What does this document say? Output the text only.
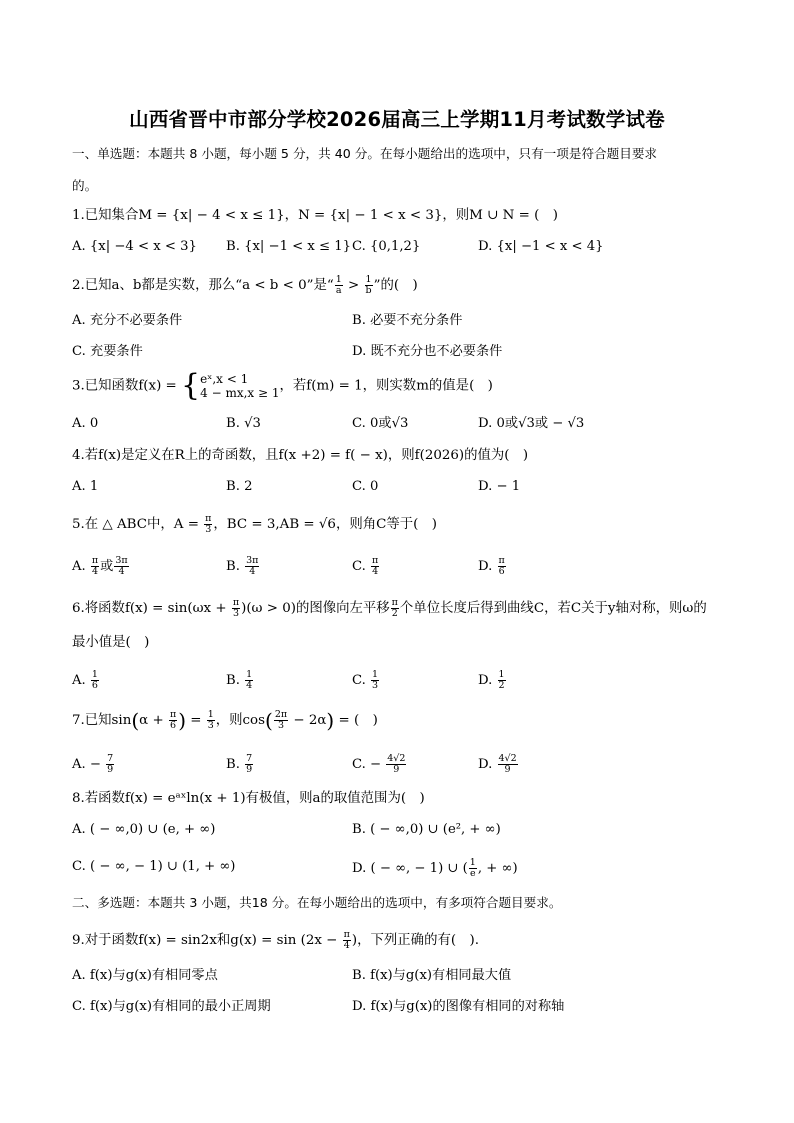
山西省晋中市部分学校2026届高三上学期11月考试数学试卷
一、单选题：本题共 8 小题，每小题 5 分，共 40 分。在每小题给出的选项中，只有一项是符合题目要求
的。
1.已知集合M = {x| − 4 < x ≤ 1}，N = {x| − 1 < x < 3}，则M ∪ N = (　)
A. {x| −4 < x < 3} B. {x| −1 < x ≤ 1} C. {0,1,2}	D. {x| −1 < x < 4}
2.已知a、b都是实数，那么“a < b < 0”是“ $\frac{1}{a} > \frac{1}{b}$ ”的(　)
A. 充分不必要条件	B. 必要不充分条件
C. 充要条件	D. 既不充分也不必要条件
3.已知函数f(x) = { eˣ,x < 1
4 − mx,x ≥ 1 ，若f(m) = 1，则实数m的值是(　)
A. 0	B. √3	C. 0或√3	D. 0或√3或 − √3
4.若f(x)是定义在R上的奇函数，且f(x +2) = f( − x)，则f(2026)的值为(　)
A. 1	B. 2	C. 0	D. − 1
5.在 △ ABC中，$A = \frac{\pi}{3}$ ，BC = 3,AB = √6，则角C等于(　)
A. $\frac{\pi}{4}$ 或 $\frac{3\pi}{4}$	B. $\frac{3\pi}{4}$	C. $\frac{\pi}{4}$	D. $\frac{\pi}{6}$
6.将函数$f(x) = \sin(\omega x + \frac{\pi}{3} )(\omega > 0)$的图像向左平移 $\frac{\pi}{2}$ 个单位长度后得到曲线C，若C关于y轴对称，则ω的
最小值是(　)
A. $\frac{1}{6}$	B. $\frac{1}{4}$	C. $\frac{1}{3}$	D. $\frac{1}{2}$
7.已知$\sin(\alpha + \frac{\pi}{6}$ ) = $\frac{1}{3}$ ，则$\cos( \frac{2\pi}{3} - 2\alpha)$ = (　)
A. − $\frac{7}{9}$	B. $\frac{7}{9}$	C. − $\frac{4√2}{9}$	D. $\frac{4√2}{9}$
8.若函数f(x) = eᵃˣln(x + 1)有极值，则a的取值范围为(　)
A. ( − ∞,0) ∪ (e, + ∞)	B. ( − ∞,0) ∪ (e², + ∞)
C. ( − ∞, − 1) ∪ (1, + ∞)	D. ( − ∞, − 1) ∪ ( $\frac{1}{e}$ , + ∞)
二、多选题：本题共 3 小题，共18 分。在每小题给出的选项中，有多项符合题目要求。
9.对于函数f(x) = sin2x和$g(x) = \sin (2x - \frac{\pi}{4}$ )，下列正确的有(　).
A. f(x)与g(x)有相同零点	B. f(x)与g(x)有相同最大值
C. f(x)与g(x)有相同的最小正周期	D. f(x)与g(x)的图像有相同的对称轴
